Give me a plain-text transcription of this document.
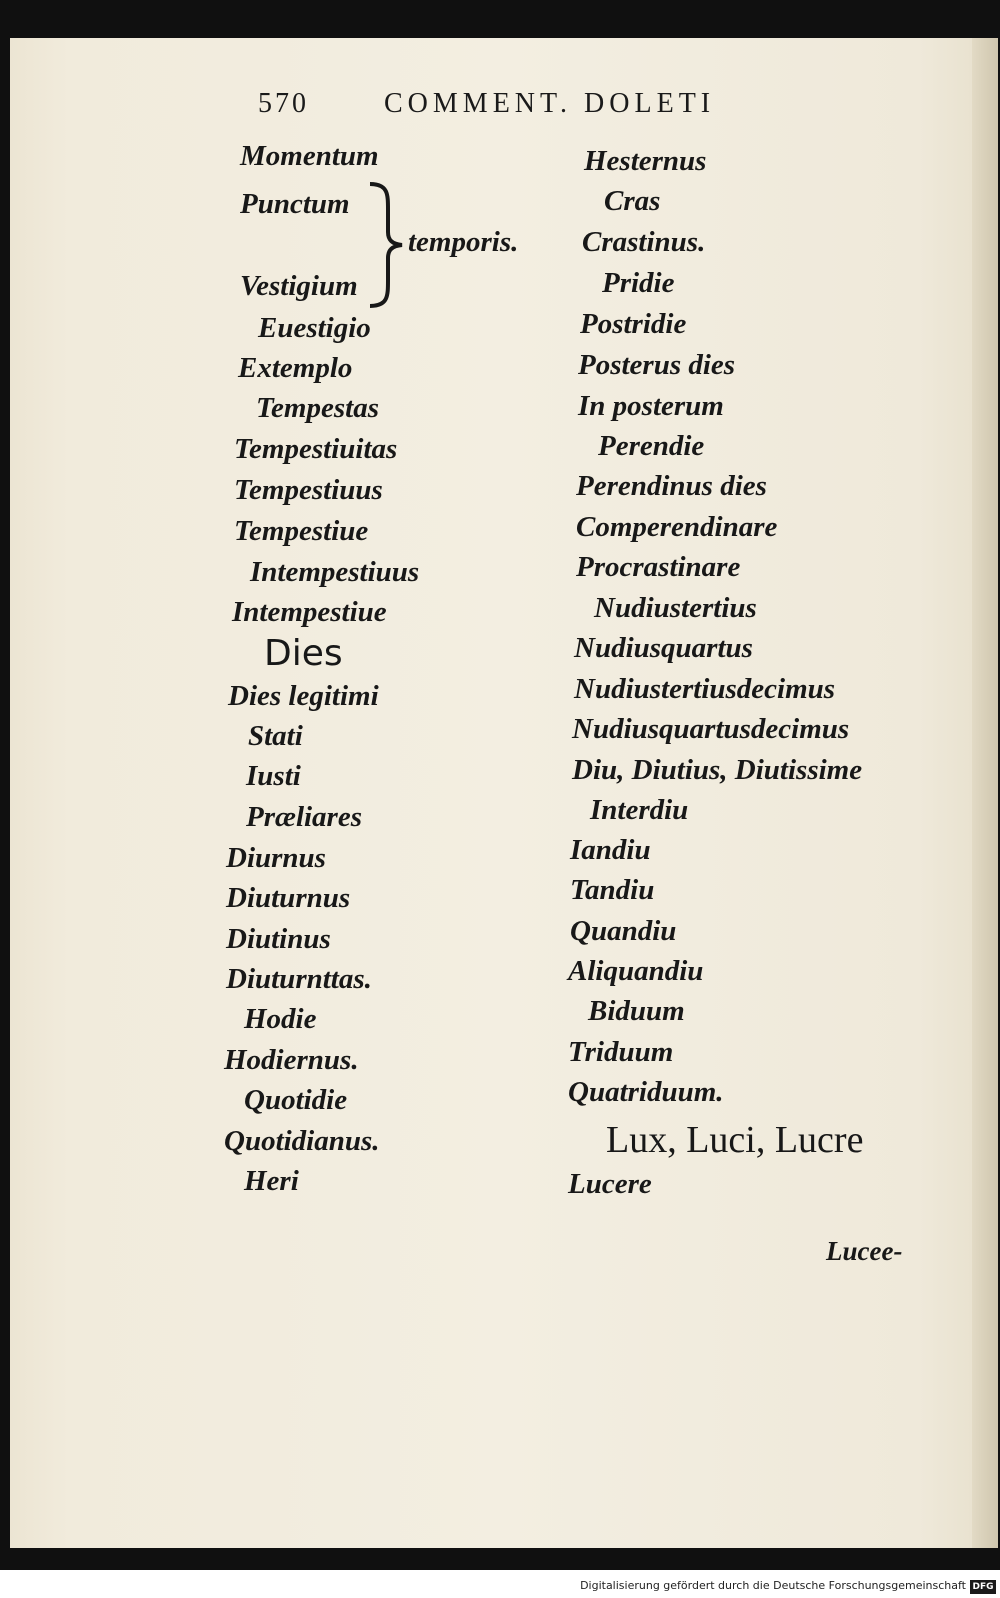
570	COMMENT. DOLETI
Momentum
Punctum
Vestigium
Euestigio
Extemplo
Tempestas
Tempestiuitas
Tempestiuus
Tempestiue
Intempestiuus
Intempestiue
Dies
Dies legitimi
Stati
Iusti
Præliares
Diurnus
Diuturnus
Diutinus
Diuturnttas.
Hodie
Hodiernus.
Quotidie
Quotidianus.
Heri
temporis.
Hesternus
Cras
Crastinus.
Pridie
Postridie
Posterus dies
In posterum
Perendie
Perendinus dies
Comperendinare
Procrastinare
Nudiustertius
Nudiusquartus
Nudiustertiusdecimus
Nudiusquartusdecimus
Diu, Diutius, Diutissime
Interdiu
Iandiu
Tandiu
Quandiu
Aliquandiu
Biduum
Triduum
Quatriduum.
Lux, Luci, Lucre
Lucere
Lucee-
Digitalisierung gefördert durch die Deutsche Forschungsgemeinschaft DFG
